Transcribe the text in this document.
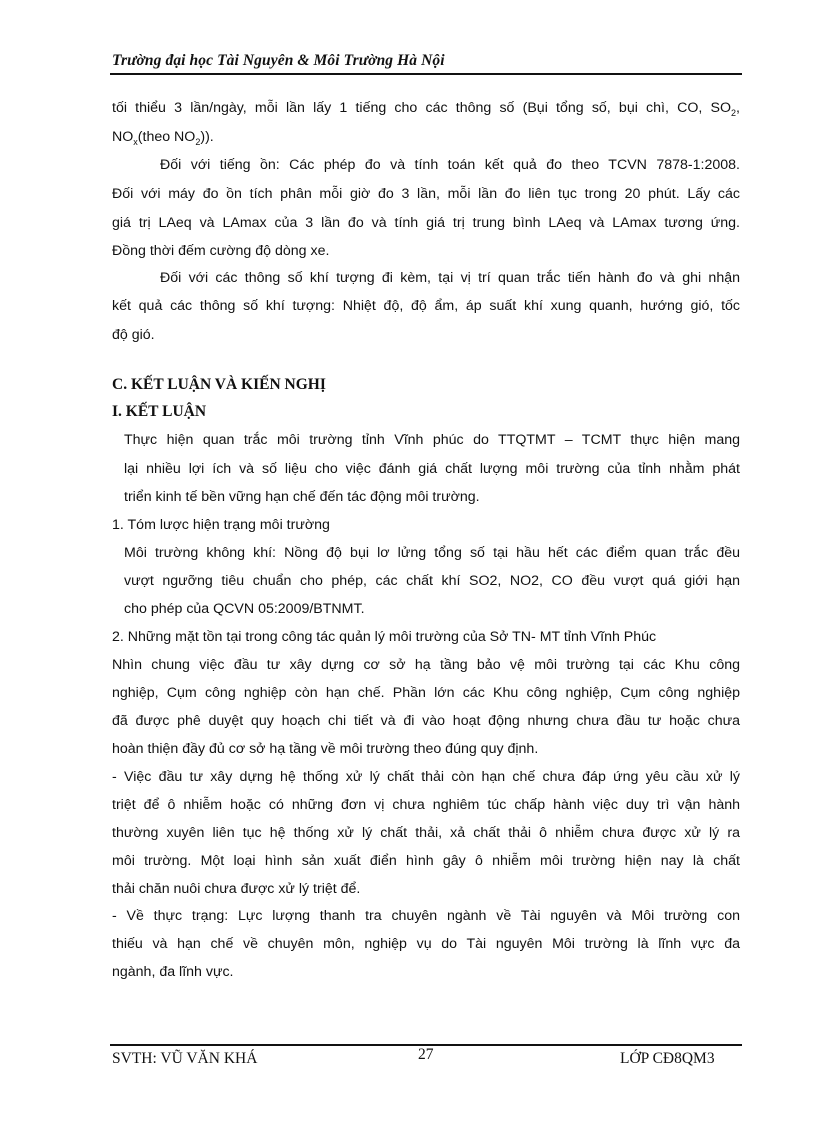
Trường đại học Tài Nguyên & Môi Trường Hà Nội
tối thiểu 3 lần/ngày, mỗi lần lấy 1 tiếng cho các thông số (Bụi tổng số, bụi chì, CO, $SO_2$,
$NO_x(theo$ $NO_2$)).
Đối với tiếng ồn: Các phép đo và tính toán kết quả đo theo TCVN 7878-1:2008.
Đối với máy đo ồn tích phân mỗi giờ đo 3 lần, mỗi lần đo liên tục trong 20 phút. Lấy các
giá trị LAeq và LAmax của 3 lần đo và tính giá trị trung bình LAeq và LAmax tương ứng.
Đồng thời đếm cường độ dòng xe.
Đối với các thông số khí tượng đi kèm, tại vị trí quan trắc tiến hành đo và ghi nhận
kết quả các thông số khí tượng: Nhiệt độ, độ ẩm, áp suất khí xung quanh, hướng gió, tốc
độ gió.
C. KẾT LUẬN VÀ KIẾN NGHỊ
I. KẾT LUẬN
Thực hiện quan trắc môi trường tỉnh Vĩnh phúc do TTQTMT – TCMT thực hiện mang
lại nhiều lợi ích và số liệu cho việc đánh giá chất lượng môi trường của tỉnh nhằm phát
triển kinh tế bền vững hạn chế đến tác động môi trường.
1. Tóm lược hiện trạng môi trường
Môi trường không khí: Nồng độ bụi lơ lửng tổng số tại hầu hết các điểm quan trắc đều
vượt ngưỡng tiêu chuẩn cho phép, các chất khí SO2, NO2, CO đều vượt quá giới hạn
cho phép của QCVN 05:2009/BTNMT.
2. Những mặt tồn tại trong công tác quản lý môi trường của Sở TN- MT tỉnh Vĩnh Phúc
Nhìn chung việc đầu tư xây dựng cơ sở hạ tầng bảo vệ môi trường tại các Khu công
nghiệp, Cụm công nghiệp còn hạn chế. Phần lớn các Khu công nghiệp, Cụm công nghiệp
đã được phê duyệt quy hoạch chi tiết và đi vào hoạt động nhưng chưa đầu tư hoặc chưa
hoàn thiện đầy đủ cơ sở hạ tầng về môi trường theo đúng quy định.
- Việc đầu tư xây dựng hệ thống xử lý chất thải còn hạn chế chưa đáp ứng yêu cầu xử lý
triệt để ô nhiễm hoặc có những đơn vị chưa nghiêm túc chấp hành việc duy trì vận hành
thường xuyên liên tục hệ thống xử lý chất thải, xả chất thải ô nhiễm chưa được xử lý ra
môi trường. Một loại hình sản xuất điển hình gây ô nhiễm môi trường hiện nay là chất
thải chăn nuôi chưa được xử lý triệt để.
- Về thực trạng: Lực lượng thanh tra chuyên ngành về Tài nguyên và Môi trường con
thiếu và hạn chế về chuyên môn, nghiệp vụ do Tài nguyên Môi trường là lĩnh vực đa
ngành, đa lĩnh vực.
SVTH: VŨ VĂN KHÁ	27	LỚP CĐ8QM3
